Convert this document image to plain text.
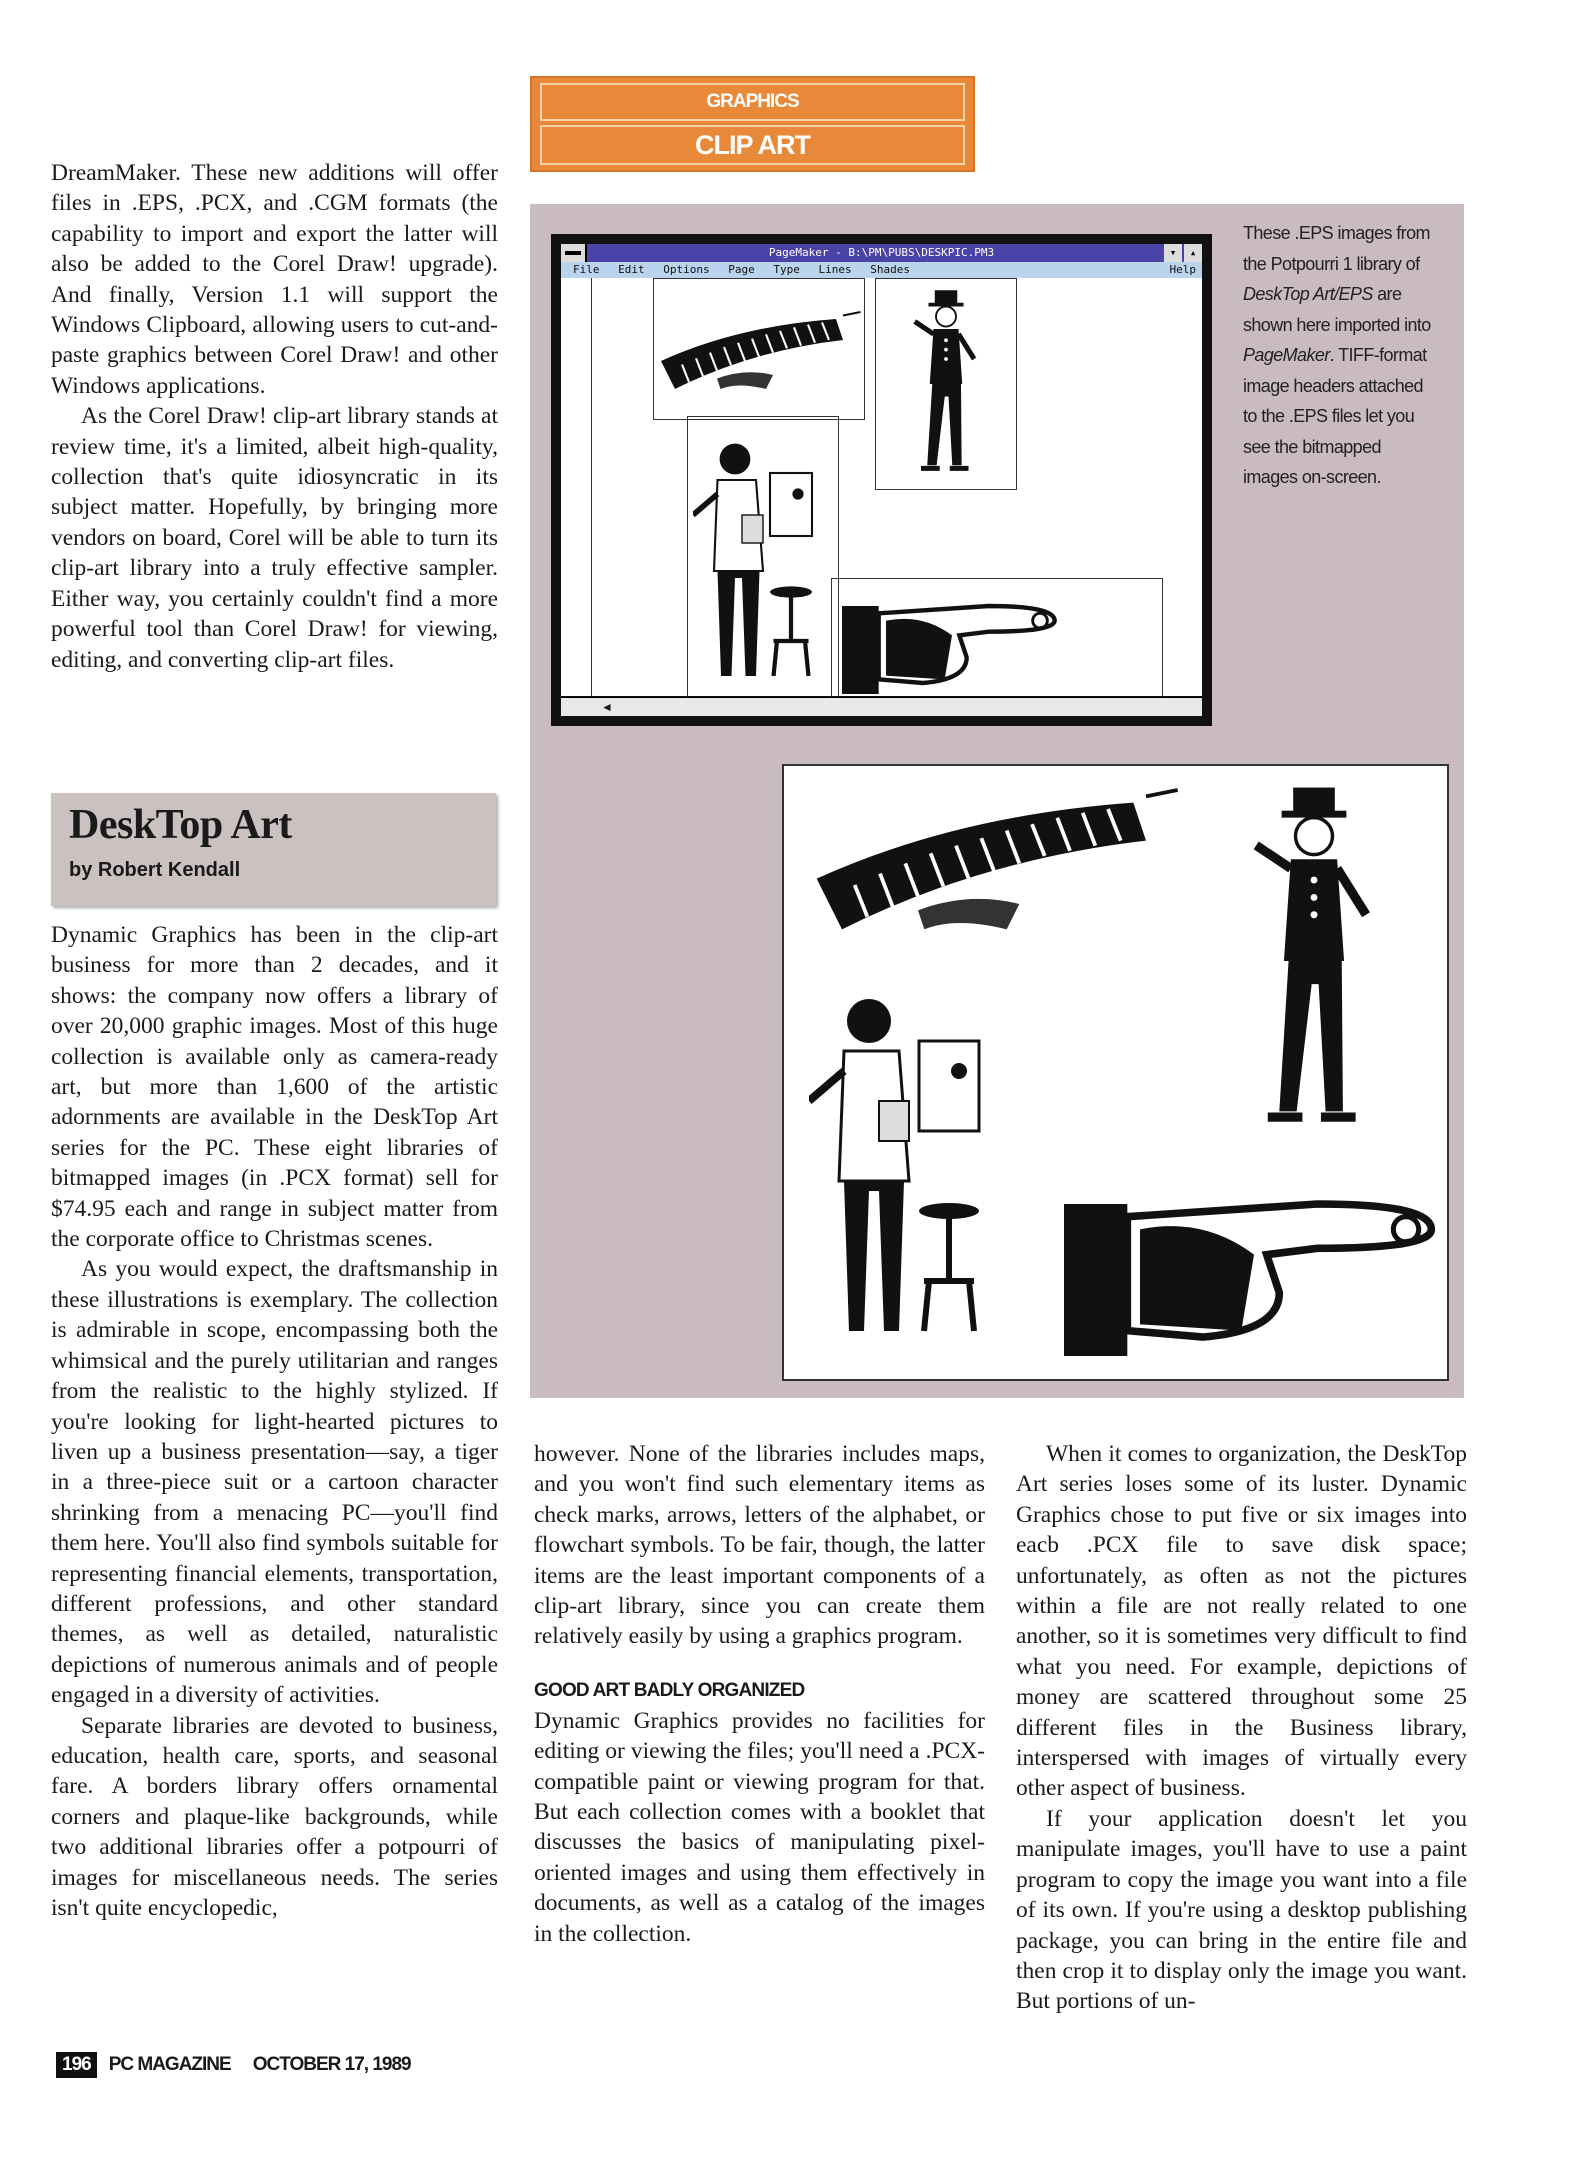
GRAPHICS
CLIP ART

DreamMaker. These new additions will offer files in .EPS, .PCX, and .CGM formats (the capability to import and export the latter will also be added to the Corel Draw! upgrade). And finally, Version 1.1 will support the Windows Clipboard, allowing users to cut-and-paste graphics between Corel Draw! and other Windows applications.

As the Corel Draw! clip-art library stands at review time, it's a limited, albeit high-quality, collection that's quite idiosyncratic in its subject matter. Hopefully, by bringing more vendors on board, Corel will be able to turn its clip-art library into a truly effective sampler. Either way, you certainly couldn't find a more powerful tool than Corel Draw! for viewing, editing, and converting clip-art files.

PageMaker - B:\PM\PUBS\DESKPIC.PM3	▾	▴
File Edit Options Page Type Lines Shades	Help
◄
These .EPS images from the Potpourri 1 library of DeskTop Art/EPS are shown here imported into PageMaker. TIFF-format image headers attached to the .EPS files let you see the bitmapped images on-screen.
DeskTop Art
by Robert Kendall

Dynamic Graphics has been in the clip-art business for more than 2 decades, and it shows: the company now offers a library of over 20,000 graphic images. Most of this huge collection is available only as camera-ready art, but more than 1,600 of the artistic adornments are available in the DeskTop Art series for the PC. These eight libraries of bitmapped images (in .PCX format) sell for $74.95 each and range in subject matter from the corporate office to Christmas scenes.

As you would expect, the draftsmanship in these illustrations is exemplary. The collection is admirable in scope, encompassing both the whimsical and the purely utilitarian and ranges from the realistic to the highly stylized. If you're looking for light-hearted pictures to liven up a business presentation—say, a tiger in a three-piece suit or a cartoon character shrinking from a menacing PC—you'll find them here. You'll also find symbols suitable for representing financial elements, transportation, different professions, and other standard themes, as well as detailed, naturalistic depictions of numerous animals and of people engaged in a diversity of activities.

Separate libraries are devoted to business, education, health care, sports, and seasonal fare. A borders library offers ornamental corners and plaque-like backgrounds, while two additional libraries offer a potpourri of images for miscellaneous needs. The series isn't quite encyclopedic,

however. None of the libraries includes maps, and you won't find such elementary items as check marks, arrows, letters of the alphabet, or flowchart symbols. To be fair, though, the latter items are the least important components of a clip-art library, since you can create them relatively easily by using a graphics program.

GOOD ART BADLY ORGANIZED

Dynamic Graphics provides no facilities for editing or viewing the files; you'll need a .PCX-compatible paint or viewing program for that. But each collection comes with a booklet that discusses the basics of manipulating pixel-oriented images and using them effectively in documents, as well as a catalog of the images in the collection.

When it comes to organization, the DeskTop Art series loses some of its luster. Dynamic Graphics chose to put five or six images into eacb .PCX file to save disk space; unfortunately, as often as not the pictures within a file are not really related to one another, so it is sometimes very difficult to find what you need. For example, depictions of money are scattered throughout some 25 different files in the Business library, interspersed with images of virtually every other aspect of business.

If your application doesn't let you manipulate images, you'll have to use a paint program to copy the image you want into a file of its own. If you're using a desktop publishing package, you can bring in the entire file and then crop it to display only the image you want. But portions of un-

196 PC MAGAZINE OCTOBER 17, 1989
